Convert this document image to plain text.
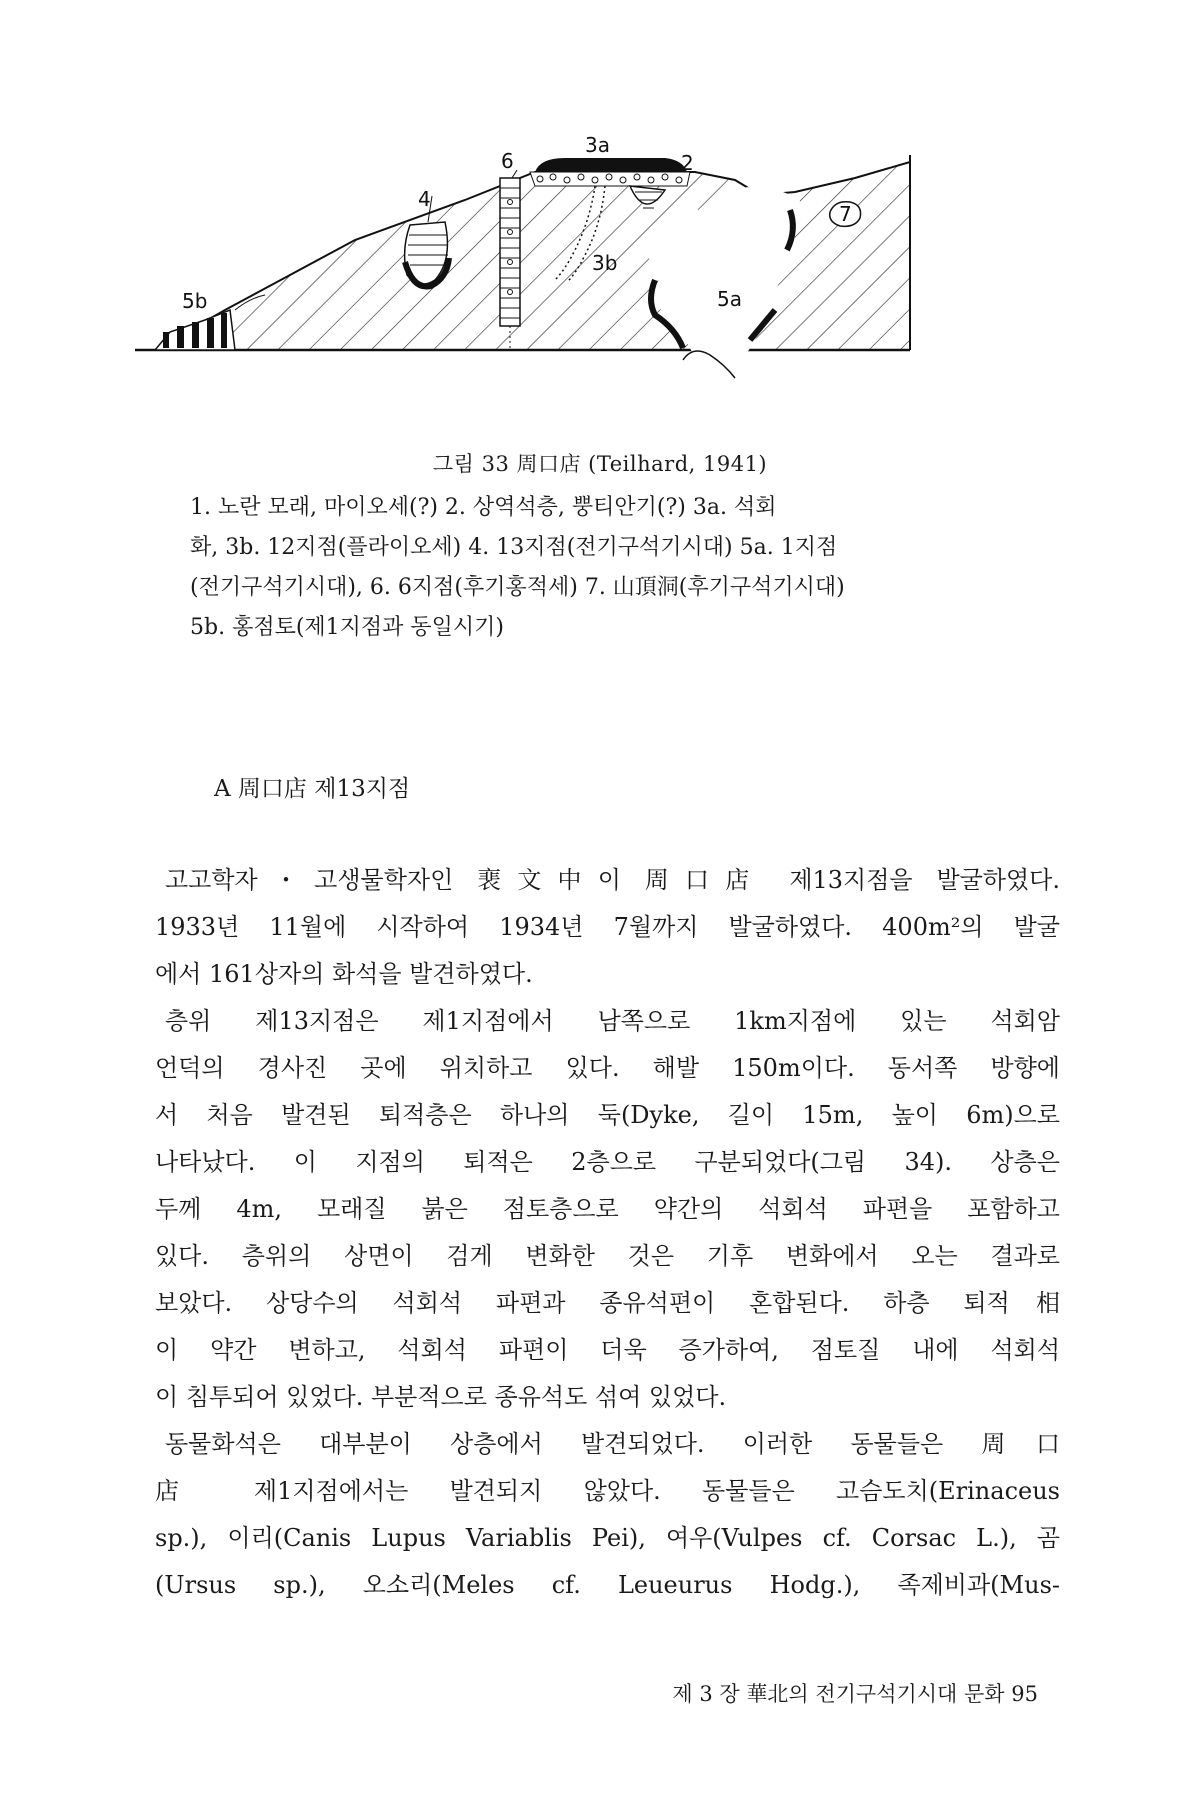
3a
2
6
4
7
3b
5a
5b
그림 33 周口店 (Teilhard, 1941)
1. 노란 모래, 마이오세(?) 2. 상역석층, 뿡티안기(?) 3a. 석회
화, 3b. 12지점(플라이오세) 4. 13지점(전기구석기시대) 5a. 1지점
(전기구석기시대), 6. 6지점(후기홍적세) 7. 山頂洞(후기구석기시대)
5b. 홍점토(제1지점과 동일시기)
A 周口店 제13지점
고고학자・고생물학자인 裵文中이 周口店 제13지점을 발굴하였다.
1933년 11월에 시작하여 1934년 7월까지 발굴하였다. 400m²의 발굴
에서 161상자의 화석을 발견하였다.
층위 제13지점은 제1지점에서 남쪽으로 1km지점에 있는 석회암
언덕의 경사진 곳에 위치하고 있다. 해발 150m이다. 동서쪽 방향에
서 처음 발견된 퇴적층은 하나의 둑(Dyke, 길이 15m, 높이 6m)으로
나타났다. 이 지점의 퇴적은 2층으로 구분되었다(그림 34). 상층은
두께 4m, 모래질 붉은 점토층으로 약간의 석회석 파편을 포함하고
있다. 층위의 상면이 검게 변화한 것은 기후 변화에서 오는 결과로
보았다. 상당수의 석회석 파편과 종유석편이 혼합된다. 하층 퇴적相
이 약간 변하고, 석회석 파편이 더욱 증가하여, 점토질 내에 석회석
이 침투되어 있었다. 부분적으로 종유석도 섞여 있었다.
동물화석은 대부분이 상층에서 발견되었다. 이러한 동물들은 周口
店 제1지점에서는 발견되지 않았다. 동물들은 고슴도치(Erinaceus
sp.), 이리(Canis Lupus Variablis Pei), 여우(Vulpes cf. Corsac L.), 곰
(Ursus sp.), 오소리(Meles cf. Leueurus Hodg.), 족제비과(Mus-
제 3 장 華北의 전기구석기시대 문화 95
